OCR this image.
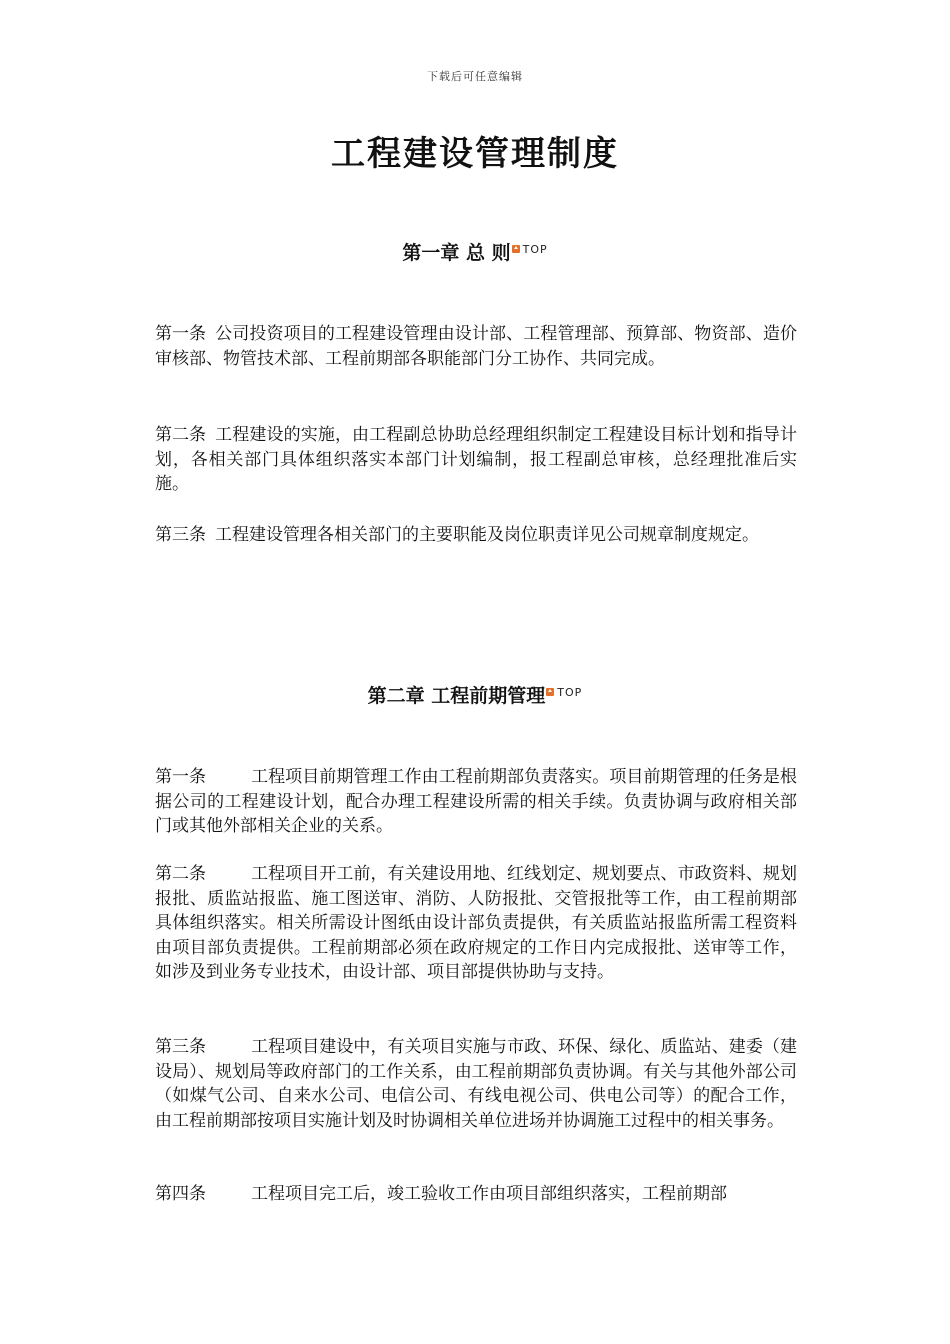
下载后可任意编辑
工程建设管理制度
第一章 总 则 TOP

第一条 公司投资项目的工程建设管理由设计部、工程管理部、预算部、物资部、造价审核部、物管技术部、工程前期部各职能部门分工协作、共同完成。

第二条 工程建设的实施，由工程副总协助总经理组织制定工程建设目标计划和指导计划，各相关部门具体组织落实本部门计划编制，报工程副总审核，总经理批准后实施。

第三条 工程建设管理各相关部门的主要职能及岗位职责详见公司规章制度规定。

第二章 工程前期管理 TOP

第一条	工程项目前期管理工作由工程前期部负责落实。项目前期管理的任务是根据公司的工程建设计划，配合办理工程建设所需的相关手续。负责协调与政府相关部门或其他外部相关企业的关系。

第二条	工程项目开工前，有关建设用地、红线划定、规划要点、市政资料、规划报批、质监站报监、施工图送审、消防、人防报批、交管报批等工作，由工程前期部具体组织落实。相关所需设计图纸由设计部负责提供，有关质监站报监所需工程资料由项目部负责提供。工程前期部必须在政府规定的工作日内完成报批、送审等工作，如涉及到业务专业技术，由设计部、项目部提供协助与支持。

第三条	工程项目建设中，有关项目实施与市政、环保、绿化、质监站、建委（建设局）、规划局等政府部门的工作关系，由工程前期部负责协调。有关与其他外部公司（如煤气公司、自来水公司、电信公司、有线电视公司、供电公司等）的配合工作，由工程前期部按项目实施计划及时协调相关单位进场并协调施工过程中的相关事务。

第四条	工程项目完工后，竣工验收工作由项目部组织落实，工程前期部
